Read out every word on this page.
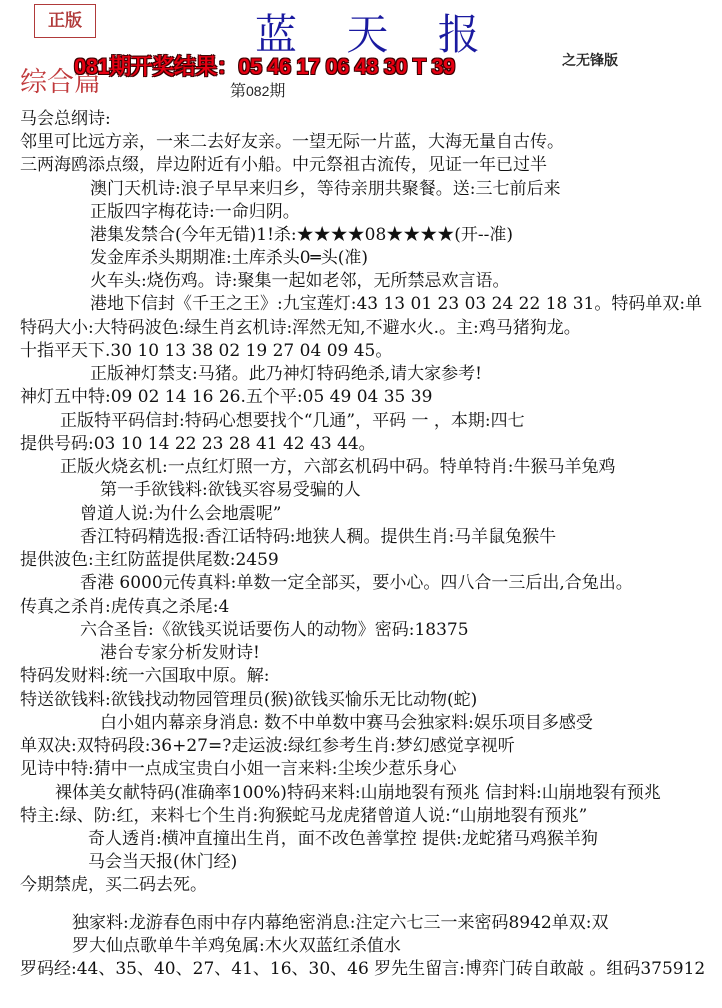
正版	蓝 天 报
综合篇
081期开奖结果：05 46 17 06 48 30 T 39	之无锋版
第082期
马会总纲诗:
邻里可比远方亲，一来二去好友亲。一望无际一片蓝，大海无量自古传。
三两海鸥添点缀，岸边附近有小船。中元祭祖古流传，见证一年已过半
澳门天机诗:浪子早早来归乡，等待亲朋共聚餐。送:三七前后来
正版四字梅花诗:一命归阴。
港集发禁合(今年无错)1!杀:★★★★08★★★★(开--准)
发金库杀头期期准:土库杀头0═头(准)
火车头:烧伤鸡。诗:聚集一起如老邻，无所禁忌欢言语。
港地下信封《千王之王》:九宝莲灯:43 13 01 23 03 24 22 18 31。特码单双:单
特码大小:大特码波色:绿生肖玄机诗:浑然无知,不避水火.。主:鸡马猪狗龙。
十指平天下.30 10 13 38 02 19 27 04 09 45。
正版神灯禁支:马猪。此乃神灯特码绝杀,请大家参考!
神灯五中特:09 02 14 16 26.五个平:05 49 04 35 39
正版特平码信封:特码心想要找个“几通”，平码 一 ，本期:四七
提供号码:03 10 14 22 23 28 41 42 43 44。
正版火烧玄机:一点红灯照一方，六部玄机码中码。特单特肖:牛猴马羊兔鸡
第一手欲钱料:欲钱买容易受骗的人
曾道人说:为什么会地震呢”
香江特码精选报:香江话特码:地狭人稠。提供生肖:马羊鼠兔猴牛
提供波色:主红防蓝提供尾数:2459
香港 6000元传真料:单数一定全部买，要小心。四八合一三后出,合兔出。
传真之杀肖:虎传真之杀尾:4
六合圣旨:《欲钱买说话要伤人的动物》密码:18375
港台专家分析发财诗!
特码发财料:统一六国取中原。解:
特送欲钱料:欲钱找动物园管理员(猴)欲钱买愉乐无比动物(蛇)
白小姐内幕亲身消息: 数不中单数中赛马会独家料:娱乐项目多感受
单双决:双特码段:36+27=?走运波:绿红参考生肖:梦幻感觉享视听
见诗中特:猜中一点成宝贵白小姐一言来料:尘埃少惹乐身心
裸体美女献特码(准确率100%)特码来料:山崩地裂有预兆 信封料:山崩地裂有预兆
特主:绿、防:红，来料七个生肖:狗猴蛇马龙虎猪曾道人说:“山崩地裂有预兆”
奇人透肖:横冲直撞出生肖，面不改色善掌控 提供:龙蛇猪马鸡猴羊狗
马会当天报(休门经)
今期禁虎，买二码去死。
独家料:龙游春色雨中存内幕绝密消息:注定六七三一来密码8942单双:双
罗大仙点歌单牛羊鸡兔属:木火双蓝红杀值水
罗码经:44、35、40、27、41、16、30、46 罗先生留言:博弈门砖自敢敲 。组码375912
